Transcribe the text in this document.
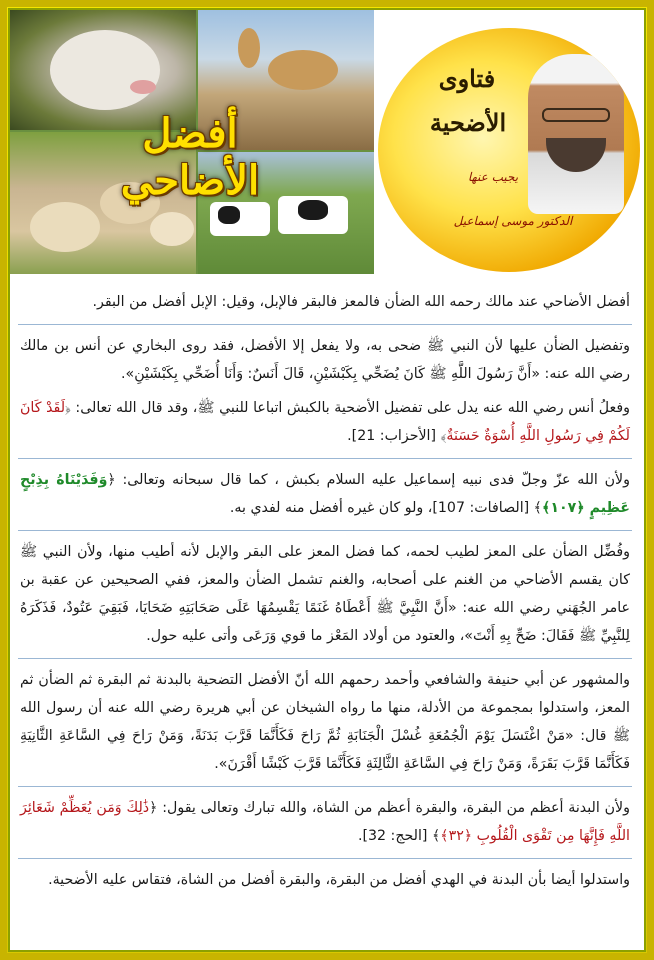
أفضل الأضاحي
فتاوى
الأضحية
يجيب عنها
الدكتور موسى إسماعيل

أفضل الأضاحي عند مالك رحمه الله الضأن فالمعز فالبقر فالإبل، وقيل: الإبل أفضل من البقر.

وتفضيل الضأن عليها لأن النبي ﷺ ضحى به، ولا يفعل إلا الأفضل، فقد روى البخاري عن أنس بن مالك رضي الله عنه: «أَنَّ رَسُولَ اللَّهِ ﷺ كَانَ يُضَحِّي بِكَبْشَيْنِ، قَالَ أَنَسٌ: وَأَنَا أُضَحِّي بِكَبْشَيْنِ».

وفعلُ أنس رضي الله عنه يدل على تفضيل الأضحية بالكبش اتباعا للنبي ﷺ، وقد قال الله تعالى: ﴿لَقَدْ كَانَ لَكُمْ فِي رَسُولِ اللَّهِ أُسْوَةٌ حَسَنَةٌ﴾ [الأحزاب: 21].

ولأن الله عزّ وجلّ فدى نبيه إسماعيل عليه السلام بكبش ، كما قال سبحانه وتعالى: ﴿وَفَدَيْنَاهُ بِذِبْحٍ عَظِيمٍ ﴿١٠٧﴾﴾ [الصافات: 107]، ولو كان غيره أفضل منه لفدي به.

وفُضِّل الضأن على المعز لطيب لحمه، كما فضل المعز على البقر والإبل لأنه أطيب منها، ولأن النبي ﷺ كان يقسم الأضاحي من الغنم على أصحابه، والغنم تشمل الضأن والمعز، ففي الصحيحين عن عقبة بن عامر الجُهَني رضي الله عنه: «أَنَّ النَّبِيَّ ﷺ أَعْطَاهُ غَنَمًا يَقْسِمُهَا عَلَى صَحَابَتِهِ ضَحَايَا، فَبَقِيَ عَتُودٌ، فَذَكَرَهُ لِلنَّبِيِّ ﷺ فَقَالَ: ضَحِّ بِهِ أَنْتَ»، والعتود من أولاد المَعْز ما قوي وَرَعَى وأتى عليه حول.

والمشهور عن أبي حنيفة والشافعي وأحمد رحمهم الله أنّ الأفضل التضحية بالبدنة ثم البقرة ثم الضأن ثم المعز، واستدلوا بمجموعة من الأدلة، منها ما رواه الشيخان عن أبي هريرة رضي الله عنه أن رسول الله ﷺ قال: «مَنْ اغْتَسَلَ يَوْمَ الْجُمُعَةِ غُسْلَ الْجَنَابَةِ ثُمَّ رَاحَ فَكَأَنَّمَا قَرَّبَ بَدَنَةً، وَمَنْ رَاحَ فِي السَّاعَةِ الثَّانِيَةِ فَكَأَنَّمَا قَرَّبَ بَقَرَةً، وَمَنْ رَاحَ فِي السَّاعَةِ الثَّالِثَةِ فَكَأَنَّمَا قَرَّبَ كَبْشًا أَقْرَنَ».

ولأن البدنة أعظم من البقرة، والبقرة أعظم من الشاة، والله تبارك وتعالى يقول: ﴿ذَٰلِكَ وَمَن يُعَظِّمْ شَعَائِرَ اللَّهِ فَإِنَّهَا مِن تَقْوَى الْقُلُوبِ ﴿٣٢﴾﴾ [الحج: 32].

واستدلوا أيضا بأن البدنة في الهدي أفضل من البقرة، والبقرة أفضل من الشاة، فتقاس عليه الأضحية.
